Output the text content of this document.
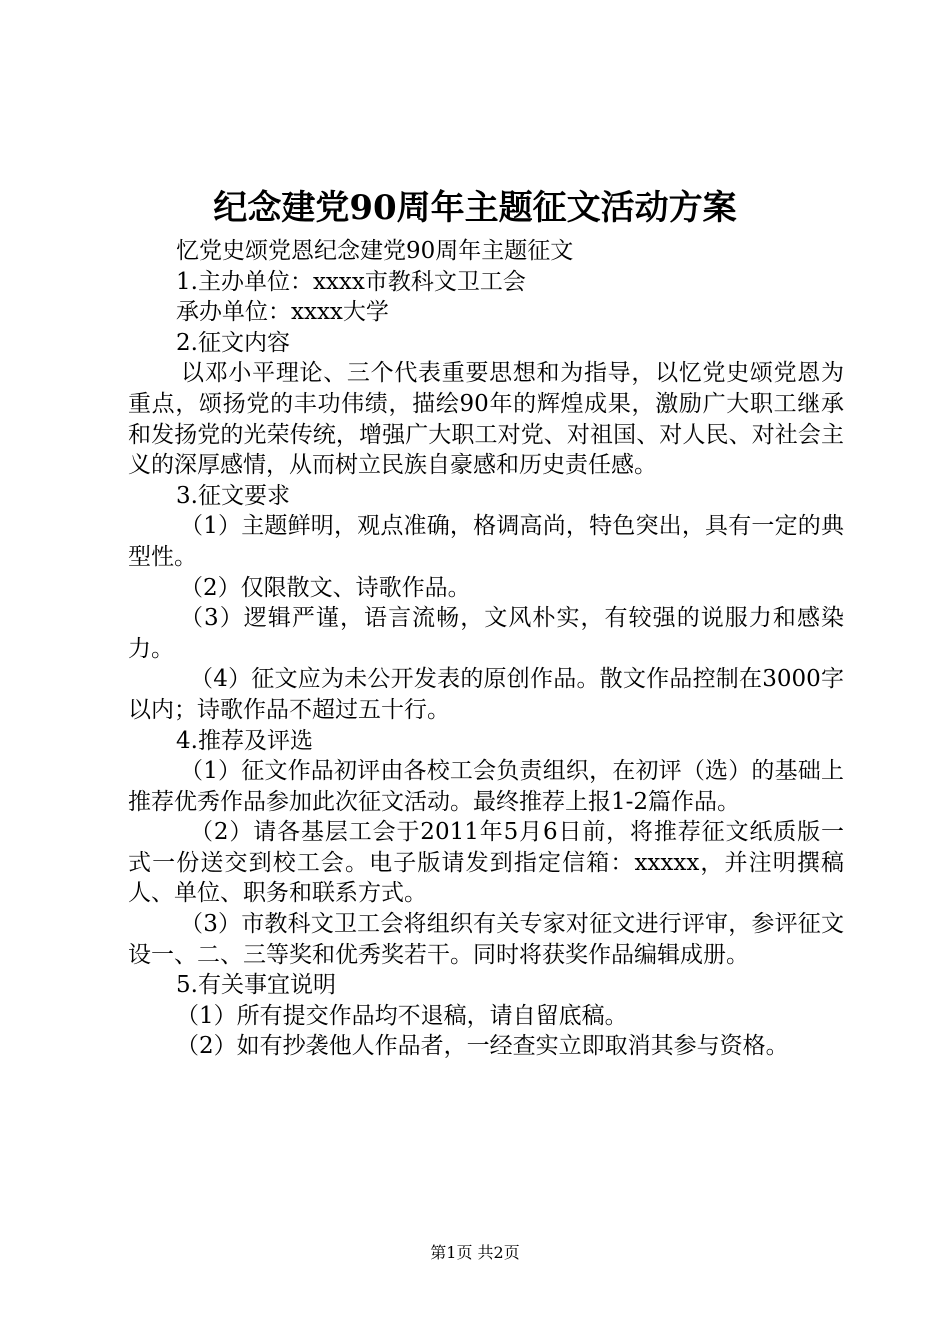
纪念建党90周年主题征文活动方案

忆党史颂党恩纪念建党90周年主题征文

1.主办单位：xxxx市教科文卫工会

承办单位：xxxx大学

2.征文内容

以邓小平理论、三个代表重要思想和为指导，以忆党史颂党恩为重点，颂扬党的丰功伟绩，描绘90年的辉煌成果，激励广大职工继承和发扬党的光荣传统，增强广大职工对党、对祖国、对人民、对社会主义的深厚感情，从而树立民族自豪感和历史责任感。

3.征文要求

（1）主题鲜明，观点准确，格调高尚，特色突出，具有一定的典型性。

（2）仅限散文、诗歌作品。

（3）逻辑严谨，语言流畅，文风朴实，有较强的说服力和感染力。

（4）征文应为未公开发表的原创作品。散文作品控制在3000字以内；诗歌作品不超过五十行。

4.推荐及评选

（1）征文作品初评由各校工会负责组织，在初评（选）的基础上推荐优秀作品参加此次征文活动。最终推荐上报1-2篇作品。

（2）请各基层工会于2011年5月6日前，将推荐征文纸质版一式一份送交到校工会。电子版请发到指定信箱：xxxxx，并注明撰稿人、单位、职务和联系方式。

（3）市教科文卫工会将组织有关专家对征文进行评审，参评征文设一、二、三等奖和优秀奖若干。同时将获奖作品编辑成册。

5.有关事宜说明

（1）所有提交作品均不退稿，请自留底稿。

（2）如有抄袭他人作品者，一经查实立即取消其参与资格。

第1页 共2页
